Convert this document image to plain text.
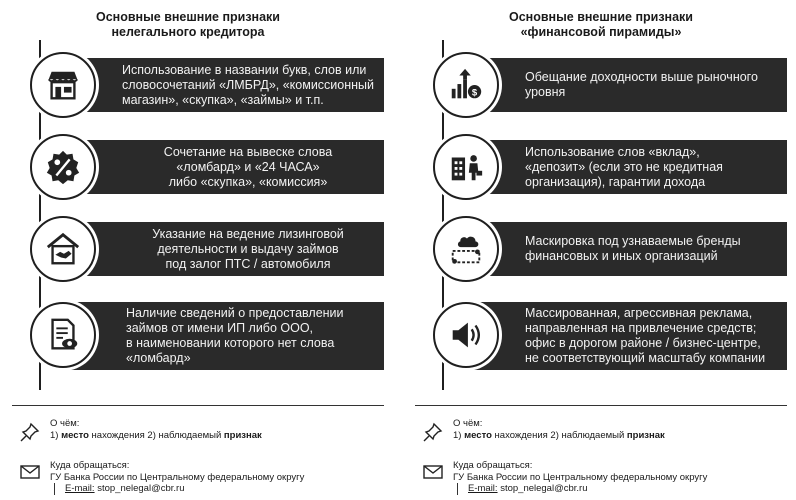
Основные внешние признаки
нелегального кредитора
Использование в названии букв, слов или
словосочетаний «ЛМБРД», «комиссионный
магазин», «скупка», «займы» и т.п.
Сочетание на вывеске слова
«ломбард» и «24 ЧАСА»
либо «скупка», «комиссия»
Указание на ведение лизинговой
деятельности и выдачу займов
под залог ПТС / автомобиля
Наличие сведений о предоставлении
займов от имени ИП либо ООО,
в наименовании которого нет слова
«ломбард»
О чём:
1) место нахождения 2) наблюдаемый признак
Куда обращаться:
ГУ Банка России по Центральному федеральному округу
E-mail: stop_nelegal@cbr.ru
Основные внешние признаки
«финансовой пирамиды»
Обещание доходности выше рыночного
уровня
$
Использование слов «вклад»,
«депозит» (если это не кредитная
организация), гарантии дохода
Маскировка под узнаваемые бренды
финансовых и иных организаций
Массированная, агрессивная реклама,
направленная на привлечение средств;
офис в дорогом районе / бизнес-центре,
не соответствующий масштабу компании
О чём:
1) место нахождения 2) наблюдаемый признак
Куда обращаться:
ГУ Банка России по Центральному федеральному округу
E-mail: stop_nelegal@cbr.ru
